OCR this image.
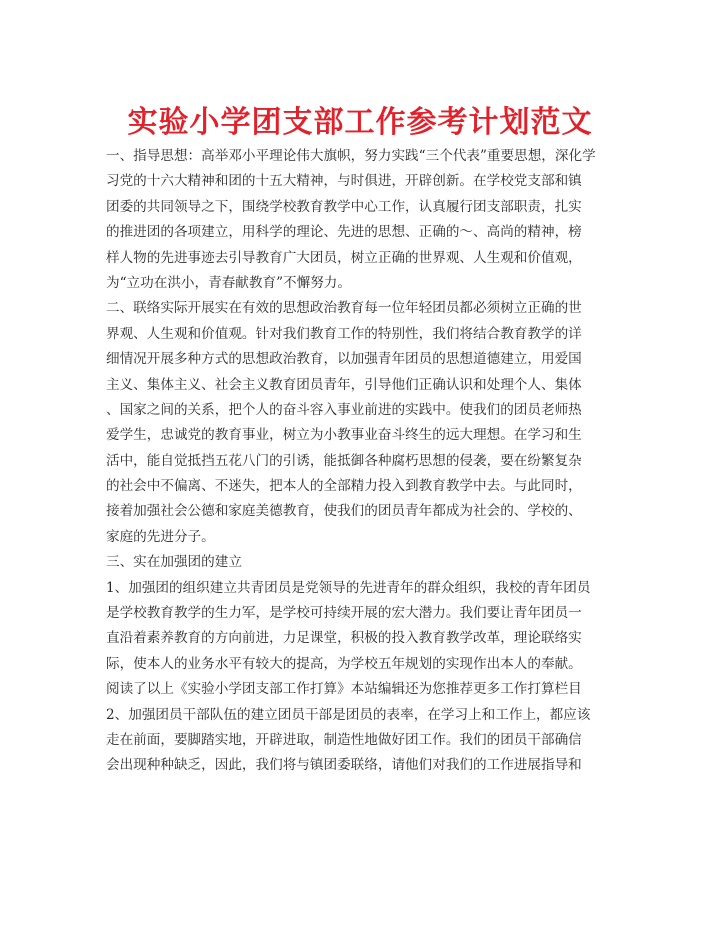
实验小学团支部工作参考计划范文
一、指导思想：高举邓小平理论伟大旗帜，努力实践“三个代表”重要思想，深化学
习党的十六大精神和团的十五大精神，与时俱进，开辟创新。在学校党支部和镇
团委的共同领导之下，围绕学校教育教学中心工作，认真履行团支部职责，扎实
的推进团的各项建立，用科学的理论、先进的思想、正确的～、高尚的精神，榜
样人物的先进事迹去引导教育广大团员，树立正确的世界观、人生观和价值观，
为“立功在洪小，青春献教育”不懈努力。
二、联络实际开展实在有效的思想政治教育每一位年轻团员都必须树立正确的世
界观、人生观和价值观。针对我们教育工作的特别性，我们将结合教育教学的详
细情况开展多种方式的思想政治教育，以加强青年团员的思想道德建立，用爱国
主义、集体主义、社会主义教育团员青年，引导他们正确认识和处理个人、集体
、国家之间的关系，把个人的奋斗容入事业前进的实践中。使我们的团员老师热
爱学生，忠诚党的教育事业，树立为小教事业奋斗终生的远大理想。在学习和生
活中，能自觉抵挡五花八门的引诱，能抵御各种腐朽思想的侵袭，要在纷繁复杂
的社会中不偏离、不迷失，把本人的全部精力投入到教育教学中去。与此同时，
接着加强社会公德和家庭美德教育，使我们的团员青年都成为社会的、学校的、
家庭的先进分子。
三、实在加强团的建立
1、加强团的组织建立共青团员是党领导的先进青年的群众组织，我校的青年团员
是学校教育教学的生力军，是学校可持续开展的宏大潜力。我们要让青年团员一
直沿着素养教育的方向前进，力足课堂，积极的投入教育教学改革，理论联络实
际，使本人的业务水平有较大的提高，为学校五年规划的实现作出本人的奉献。
阅读了以上《实验小学团支部工作打算》本站编辑还为您推荐更多工作打算栏目
2、加强团员干部队伍的建立团员干部是团员的表率，在学习上和工作上，都应该
走在前面，要脚踏实地，开辟进取，制造性地做好团工作。我们的团员干部确信
会出现种种缺乏，因此，我们将与镇团委联络，请他们对我们的工作进展指导和
